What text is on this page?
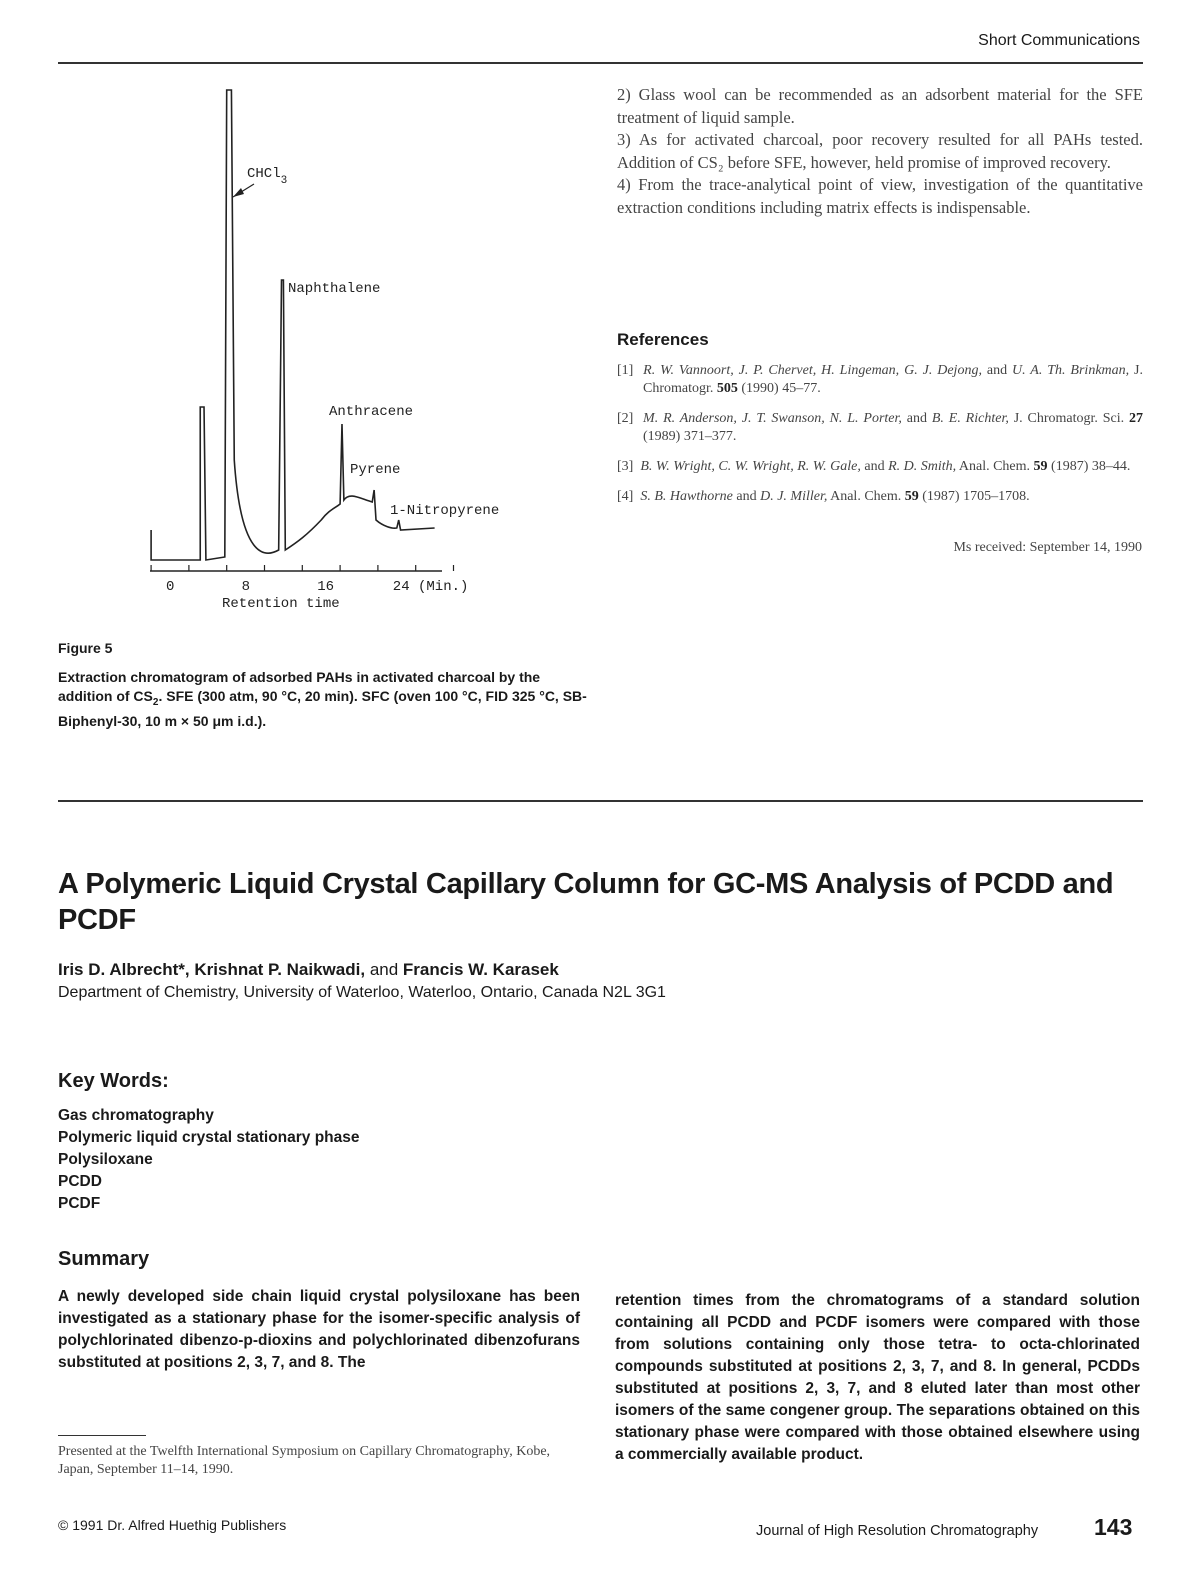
Short Communications
0	8	16	24 (Min.)
Retention time
CHCl$_3$
Naphthalene
Anthracene
Pyrene
1-Nitropyrene
Figure 5
Extraction chromatogram of adsorbed PAHs in activated charcoal by the addition of $CS_2$. SFE (300 atm, 90 °C, 20 min). SFC (oven 100 °C, FID 325 °C, SB-Biphenyl-30, 10 m × 50 μm i.d.).

2) Glass wool can be recommended as an adsorbent material for the SFE treatment of liquid sample.

3) As for activated charcoal, poor recovery resulted for all PAHs tested. Addition of CS₂ before SFE, however, held promise of improved recovery.

4) From the trace-analytical point of view, investigation of the quantitative extraction conditions including matrix effects is indispensable.

References
[1] R. W. Vannoort, J. P. Chervet, H. Lingeman, G. J. Dejong, and U. A. Th. Brinkman, J. Chromatogr. 505 (1990) 45–77.
[2] M. R. Anderson, J. T. Swanson, N. L. Porter, and B. E. Richter, J. Chromatogr. Sci. 27 (1989) 371–377.
[3] B. W. Wright, C. W. Wright, R. W. Gale, and R. D. Smith, Anal. Chem. 59 (1987) 38–44.
[4] S. B. Hawthorne and D. J. Miller, Anal. Chem. 59 (1987) 1705–1708.
Ms received: September 14, 1990
A Polymeric Liquid Crystal Capillary Column for GC-MS Analysis of PCDD and PCDF
Iris D. Albrecht*, Krishnat P. Naikwadi, and Francis W. Karasek
Department of Chemistry, University of Waterloo, Waterloo, Ontario, Canada N2L 3G1
Key Words:
Gas chromatography
Polymeric liquid crystal stationary phase
Polysiloxane
PCDD
PCDF
Summary
A newly developed side chain liquid crystal polysiloxane has been investigated as a stationary phase for the isomer-specific analysis of polychlorinated dibenzo-p-dioxins and polychlorinated dibenzofurans substituted at positions 2, 3, 7, and 8. The
retention times from the chromatograms of a standard solution containing all PCDD and PCDF isomers were compared with those from solutions containing only those tetra- to octa-chlorinated compounds substituted at positions 2, 3, 7, and 8. In general, PCDDs substituted at positions 2, 3, 7, and 8 eluted later than most other isomers of the same congener group. The separations obtained on this stationary phase were compared with those obtained elsewhere using a commercially available product.
Presented at the Twelfth International Symposium on Capillary Chromatography, Kobe, Japan, September 11–14, 1990.
© 1991 Dr. Alfred Huethig Publishers	Journal of High Resolution Chromatography 143
